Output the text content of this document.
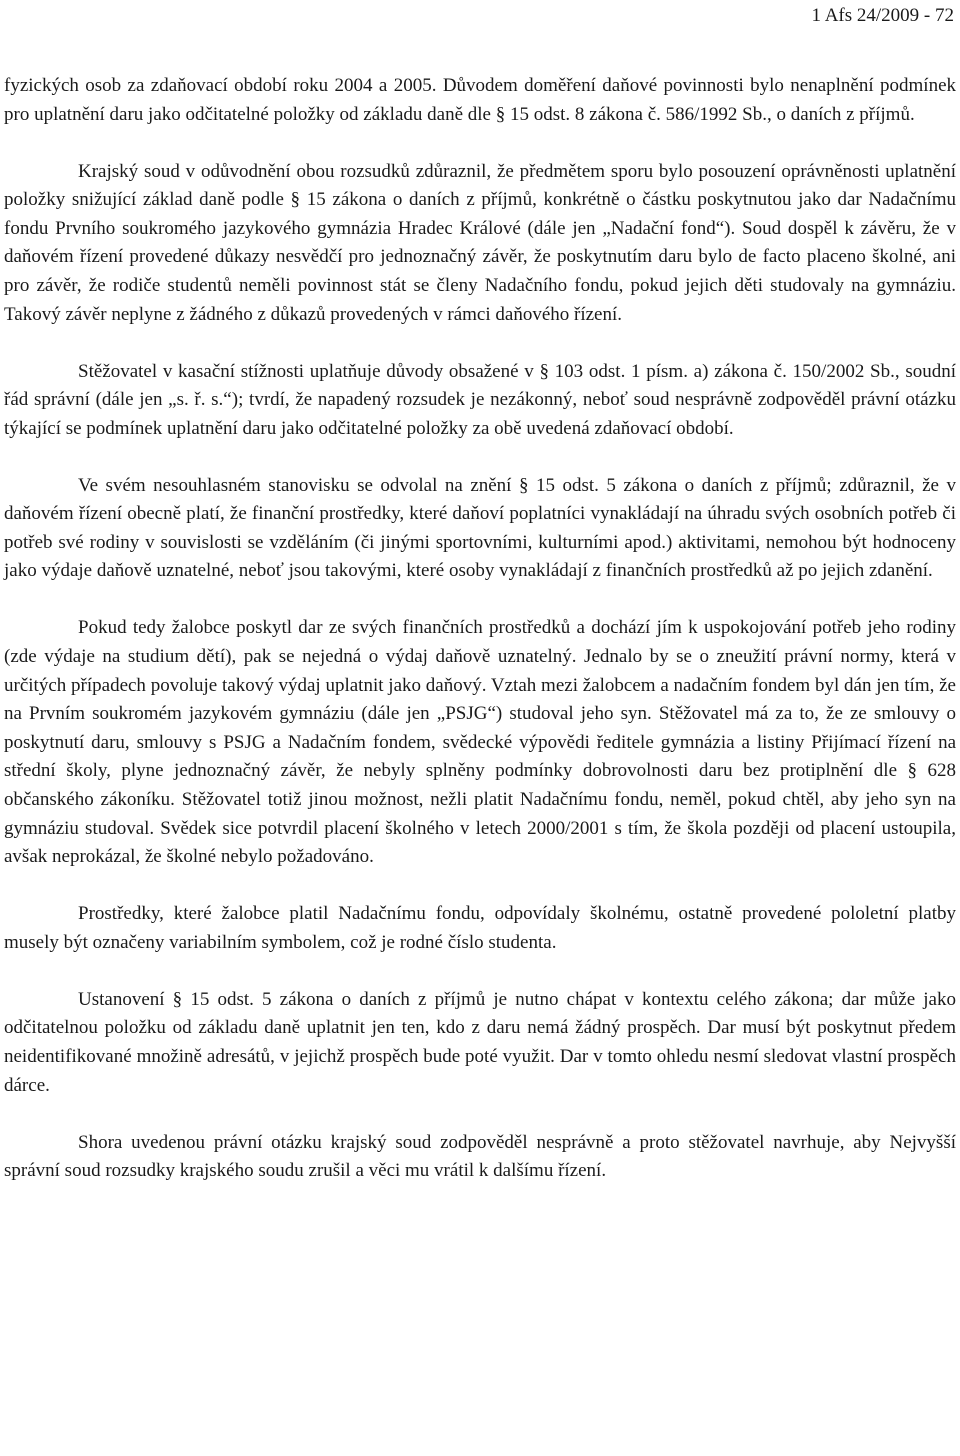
1 Afs 24/2009 - 72

fyzických osob za zdaňovací období roku 2004 a 2005. Důvodem doměření daňové povinnosti bylo nenaplnění podmínek pro uplatnění daru jako odčitatelné položky od základu daně dle § 15 odst. 8 zákona č. 586/1992 Sb., o daních z příjmů.

Krajský soud v odůvodnění obou rozsudků zdůraznil, že předmětem sporu bylo posouzení oprávněnosti uplatnění položky snižující základ daně podle § 15 zákona o daních z příjmů, konkrétně o částku poskytnutou jako dar Nadačnímu fondu Prvního soukromého jazykového gymnázia Hradec Králové (dále jen „Nadační fond“). Soud dospěl k závěru, že v daňovém řízení provedené důkazy nesvědčí pro jednoznačný závěr, že poskytnutím daru bylo de facto placeno školné, ani pro závěr, že rodiče studentů neměli povinnost stát se členy Nadačního fondu, pokud jejich děti studovaly na gymnáziu. Takový závěr neplyne z žádného z důkazů provedených v rámci daňového řízení.

Stěžovatel v kasační stížnosti uplatňuje důvody obsažené v § 103 odst. 1 písm. a) zákona č. 150/2002 Sb., soudní řád správní (dále jen „s. ř. s.“); tvrdí, že napadený rozsudek je nezákonný, neboť soud nesprávně zodpověděl právní otázku týkající se podmínek uplatnění daru jako odčitatelné položky za obě uvedená zdaňovací období.

Ve svém nesouhlasném stanovisku se odvolal na znění § 15 odst. 5 zákona o daních z příjmů; zdůraznil, že v daňovém řízení obecně platí, že finanční prostředky, které daňoví poplatníci vynakládají na úhradu svých osobních potřeb či potřeb své rodiny v souvislosti se vzděláním (či jinými sportovními, kulturními apod.) aktivitami, nemohou být hodnoceny jako výdaje daňově uznatelné, neboť jsou takovými, které osoby vynakládají z finančních prostředků až po jejich zdanění.

Pokud tedy žalobce poskytl dar ze svých finančních prostředků a dochází jím k uspokojování potřeb jeho rodiny (zde výdaje na studium dětí), pak se nejedná o výdaj daňově uznatelný. Jednalo by se o zneužití právní normy, která v určitých případech povoluje takový výdaj uplatnit jako daňový. Vztah mezi žalobcem a nadačním fondem byl dán jen tím, že na Prvním soukromém jazykovém gymnáziu (dále jen „PSJG“) studoval jeho syn. Stěžovatel má za to, že ze smlouvy o poskytnutí daru, smlouvy s PSJG a Nadačním fondem, svědecké výpovědi ředitele gymnázia a listiny Přijímací řízení na střední školy, plyne jednoznačný závěr, že nebyly splněny podmínky dobrovolnosti daru bez protiplnění dle § 628 občanského zákoníku. Stěžovatel totiž jinou možnost, nežli platit Nadačnímu fondu, neměl, pokud chtěl, aby jeho syn na gymnáziu studoval. Svědek sice potvrdil placení školného v letech 2000/2001 s tím, že škola později od placení ustoupila, avšak neprokázal, že školné nebylo požadováno.

Prostředky, které žalobce platil Nadačnímu fondu, odpovídaly školnému, ostatně provedené pololetní platby musely být označeny variabilním symbolem, což je rodné číslo studenta.

Ustanovení § 15 odst. 5 zákona o daních z příjmů je nutno chápat v kontextu celého zákona; dar může jako odčitatelnou položku od základu daně uplatnit jen ten, kdo z daru nemá žádný prospěch. Dar musí být poskytnut předem neidentifikované množině adresátů, v jejichž prospěch bude poté využit. Dar v tomto ohledu nesmí sledovat vlastní prospěch dárce.

Shora uvedenou právní otázku krajský soud zodpověděl nesprávně a proto stěžovatel navrhuje, aby Nejvyšší správní soud rozsudky krajského soudu zrušil a věci mu vrátil k dalšímu řízení.
